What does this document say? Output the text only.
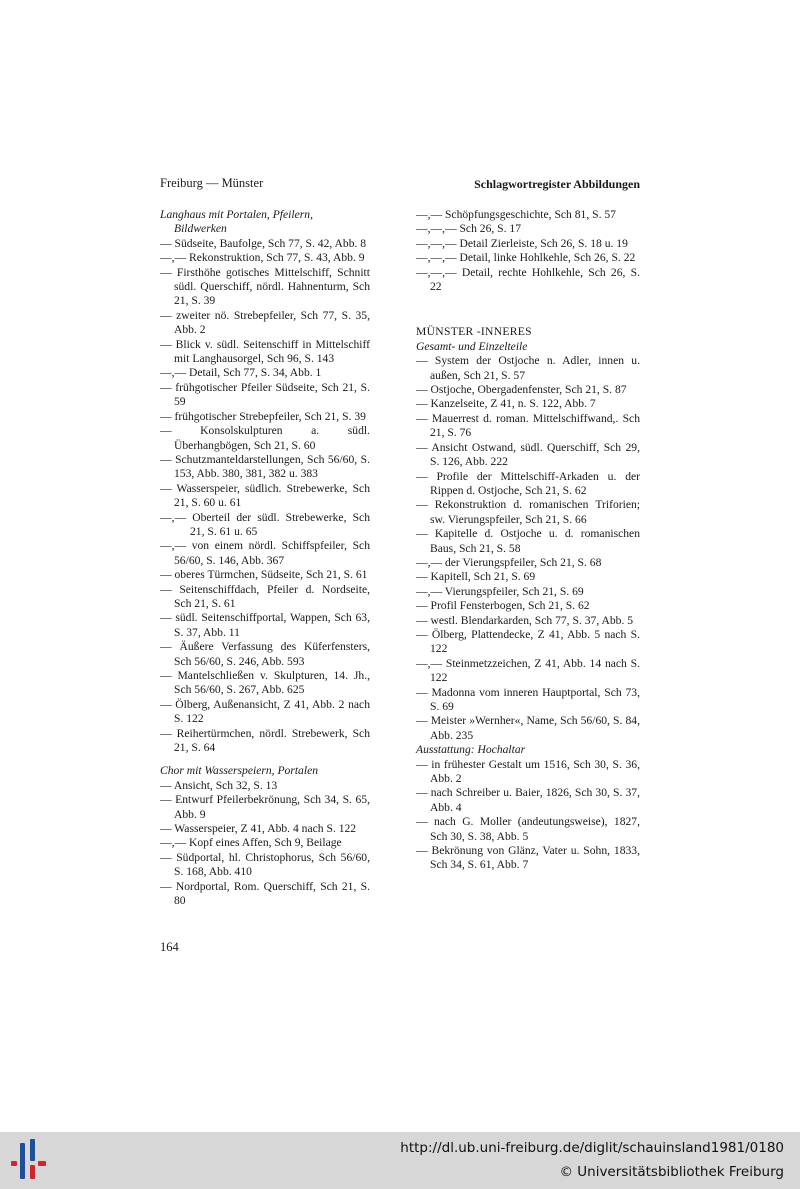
Freiburg — Münster	Schlagwortregister Abbildungen
Langhaus mit Portalen, Pfeilern,
Bildwerken
— Südseite, Baufolge, Sch 77, S. 42, Abb. 8
—,— Rekonstruktion, Sch 77, S. 43, Abb. 9
— Firsthöhe gotisches Mittelschiff, Schnitt südl. Querschiff, nördl. Hahnenturm, Sch 21, S. 39
— zweiter nö. Strebepfeiler, Sch 77, S. 35, Abb. 2
— Blick v. südl. Seitenschiff in Mittelschiff mit Langhausorgel, Sch 96, S. 143
—,— Detail, Sch 77, S. 34, Abb. 1
— frühgotischer Pfeiler Südseite, Sch 21, S. 59
— frühgotischer Strebepfeiler, Sch 21, S. 39
— Konsolskulpturen a. südl. Überhangbögen, Sch 21, S. 60
— Schutzmanteldarstellungen, Sch 56/60, S. 153, Abb. 380, 381, 382 u. 383
— Wasserspeier, südlich. Strebewerke, Sch 21, S. 60 u. 61
—,— Oberteil der südl. Strebewerke, Sch 21, S. 61 u. 65
—,— von einem nördl. Schiffspfeiler, Sch 56/60, S. 146, Abb. 367
— oberes Türmchen, Südseite, Sch 21, S. 61
— Seitenschiffdach, Pfeiler d. Nordseite, Sch 21, S. 61
— südl. Seitenschiffportal, Wappen, Sch 63, S. 37, Abb. 11
— Äußere Verfassung des Küferfensters, Sch 56/60, S. 246, Abb. 593
— Mantelschließen v. Skulpturen, 14. Jh., Sch 56/60, S. 267, Abb. 625
— Ölberg, Außenansicht, Z 41, Abb. 2 nach S. 122
— Reihertürmchen, nördl. Strebewerk, Sch 21, S. 64
Chor mit Wasserspeiern, Portalen
— Ansicht, Sch 32, S. 13
— Entwurf Pfeilerbekrönung, Sch 34, S. 65, Abb. 9
— Wasserspeier, Z 41, Abb. 4 nach S. 122
—,— Kopf eines Affen, Sch 9, Beilage
— Südportal, hl. Christophorus, Sch 56/60, S. 168, Abb. 410
— Nordportal, Rom. Querschiff, Sch 21, S. 80
—,— Schöpfungsgeschichte, Sch 81, S. 57
—,—,— Sch 26, S. 17
—,—,— Detail Zierleiste, Sch 26, S. 18 u. 19
—,—,— Detail, linke Hohlkehle, Sch 26, S. 22
—,—,— Detail, rechte Hohlkehle, Sch 26, S. 22
MÜNSTER -INNERES
Gesamt- und Einzelteile
— System der Ostjoche n. Adler, innen u. außen, Sch 21, S. 57
— Ostjoche, Obergadenfenster, Sch 21, S. 87
— Kanzelseite, Z 41, n. S. 122, Abb. 7
— Mauerrest d. roman. Mittelschiffwand,. Sch 21, S. 76
— Ansicht Ostwand, südl. Querschiff, Sch 29, S. 126, Abb. 222
— Profile der Mittelschiff-Arkaden u. der Rippen d. Ostjoche, Sch 21, S. 62
— Rekonstruktion d. romanischen Triforien; sw. Vierungspfeiler, Sch 21, S. 66
— Kapitelle d. Ostjoche u. d. romanischen Baus, Sch 21, S. 58
—,— der Vierungspfeiler, Sch 21, S. 68
— Kapitell, Sch 21, S. 69
—,— Vierungspfeiler, Sch 21, S. 69
— Profil Fensterbogen, Sch 21, S. 62
— westl. Blendarkarden, Sch 77, S. 37, Abb. 5
— Ölberg, Plattendecke, Z 41, Abb. 5 nach S. 122
—,— Steinmetzzeichen, Z 41, Abb. 14 nach S. 122
— Madonna vom inneren Hauptportal, Sch 73, S. 69
— Meister »Wernher«, Name, Sch 56/60, S. 84, Abb. 235
Ausstattung: Hochaltar
— in frühester Gestalt um 1516, Sch 30, S. 36, Abb. 2
— nach Schreiber u. Baier, 1826, Sch 30, S. 37, Abb. 4
— nach G. Moller (andeutungsweise), 1827, Sch 30, S. 38, Abb. 5
— Bekrönung von Glänz, Vater u. Sohn, 1833, Sch 34, S. 61, Abb. 7
164
http://dl.ub.uni-freiburg.de/diglit/schauinsland1981/0180
© Universitätsbibliothek Freiburg
